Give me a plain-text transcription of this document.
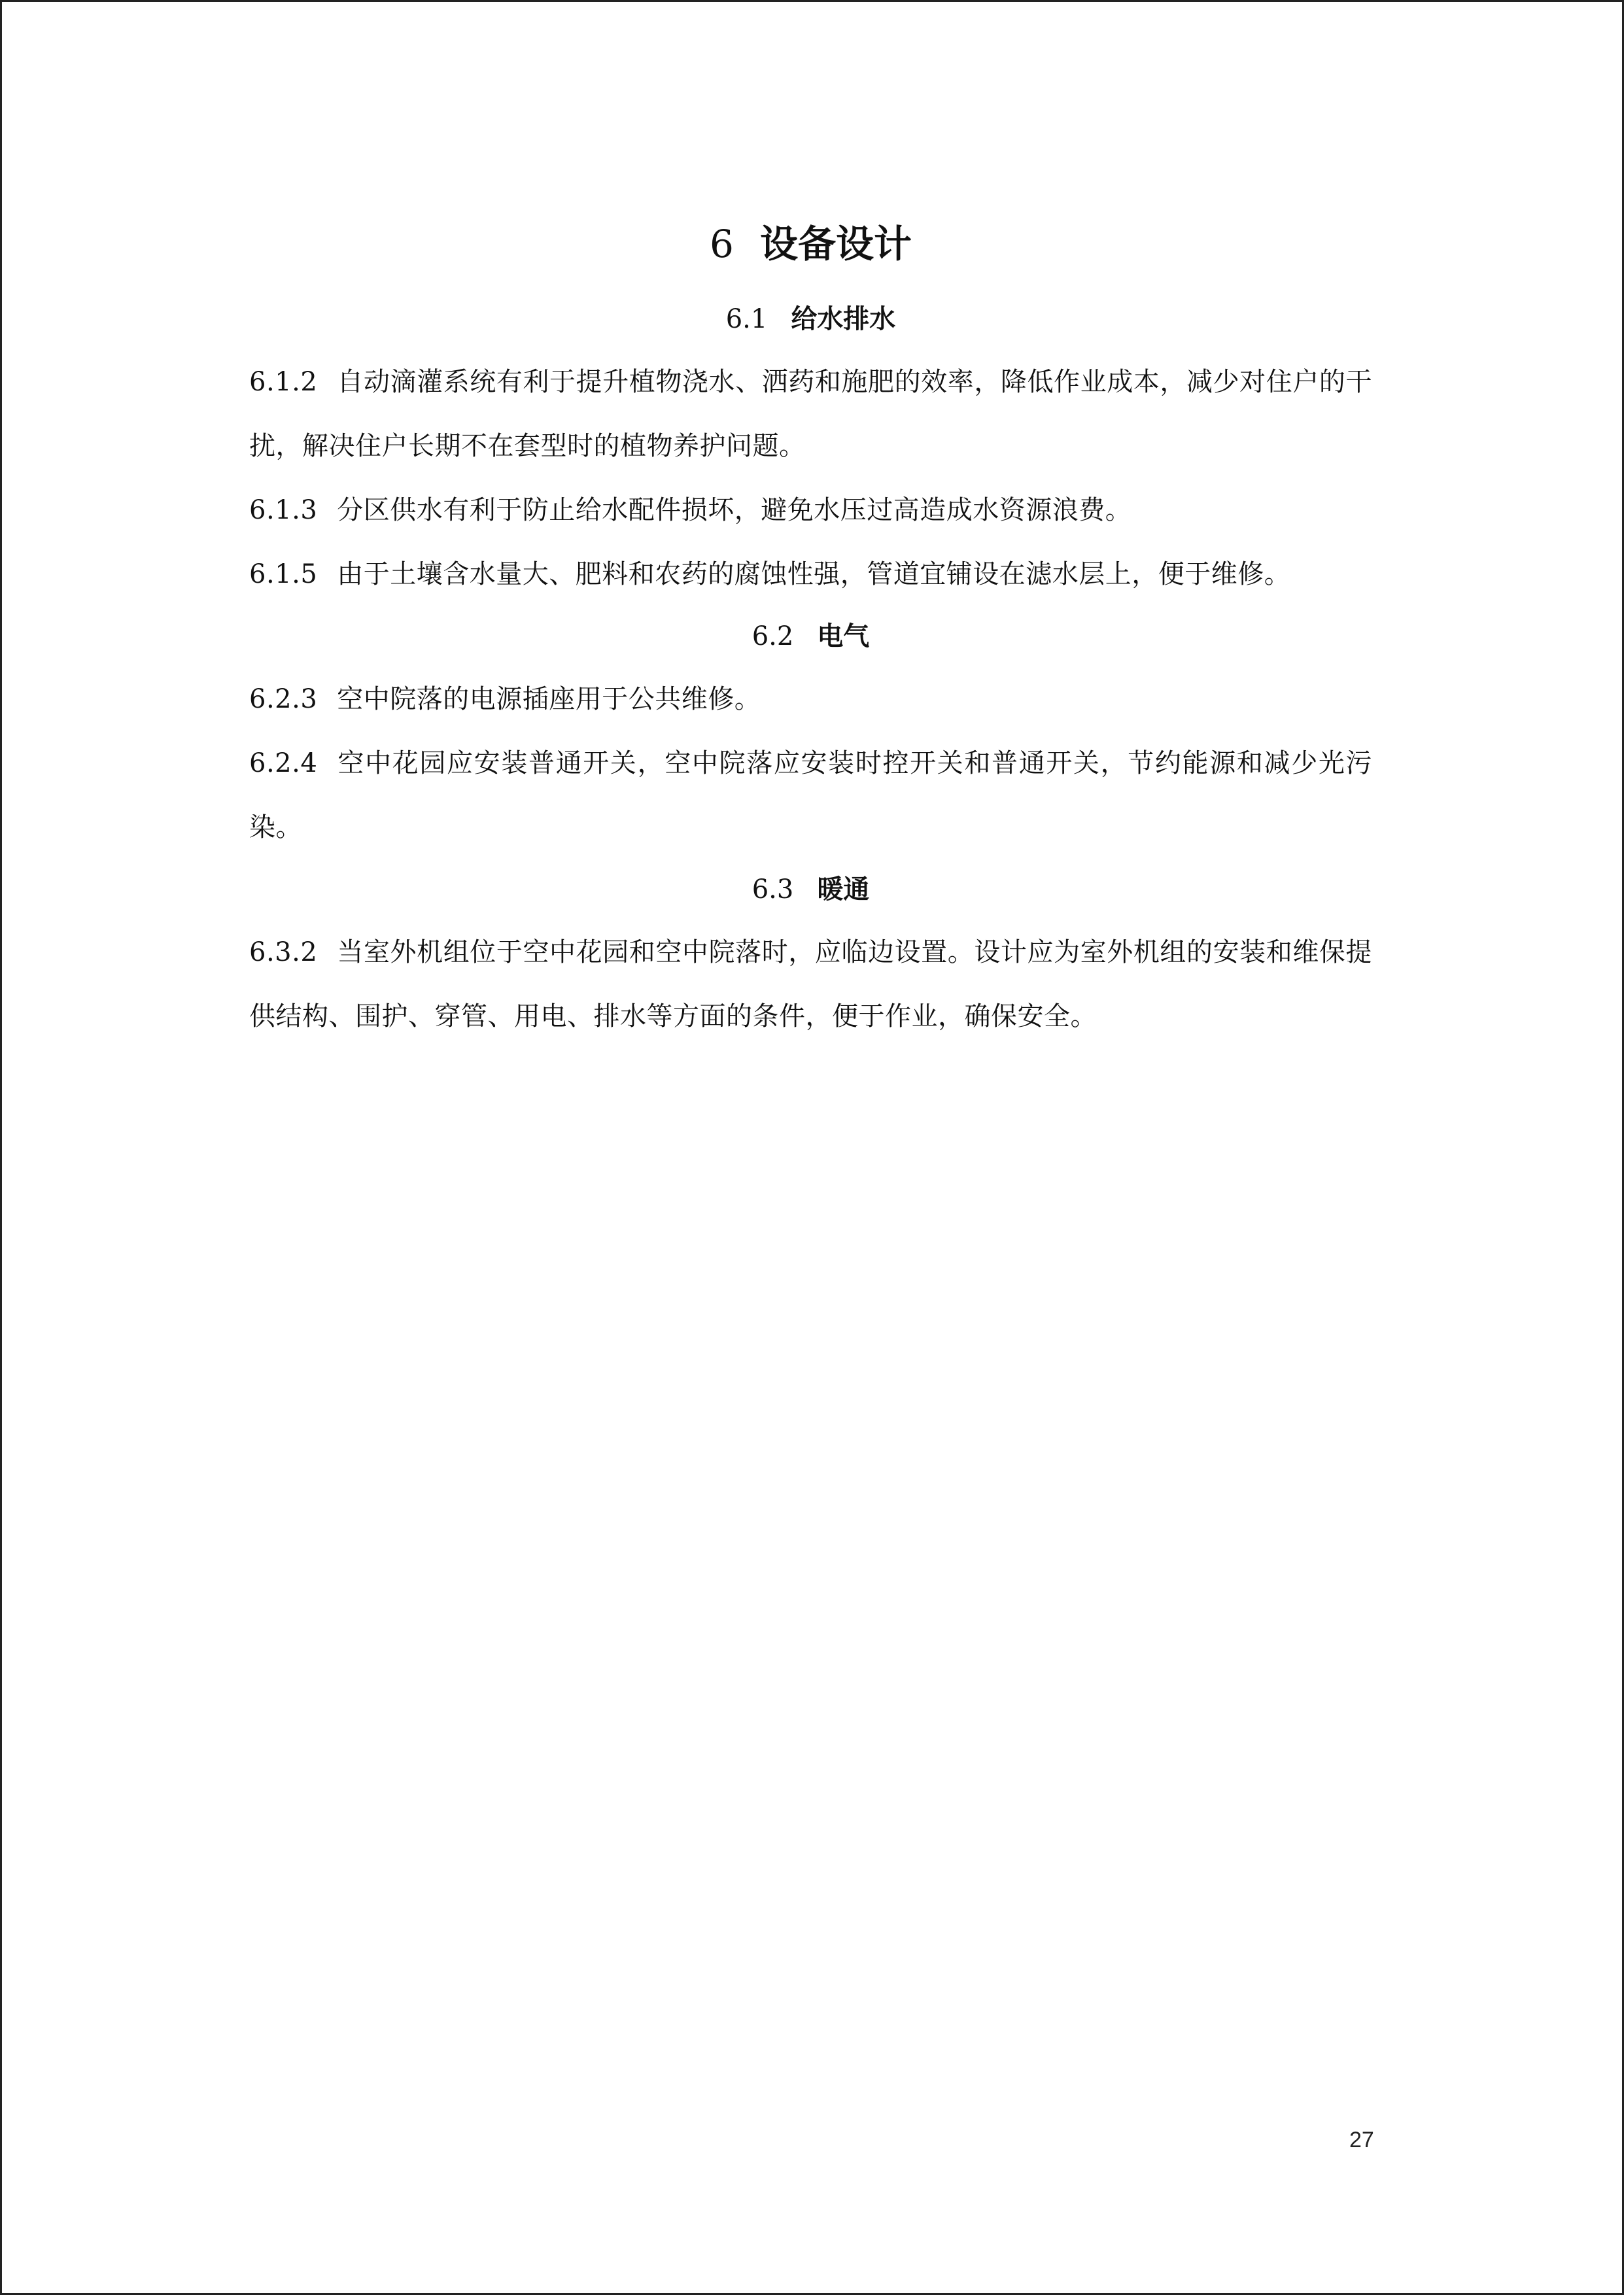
6 设备设计
6.1 给水排水

6.1.2 自动滴灌系统有利于提升植物浇水、洒药和施肥的效率，降低作业成本，减少对住户的干扰，解决住户长期不在套型时的植物养护问题。

6.1.3 分区供水有利于防止给水配件损坏，避免水压过高造成水资源浪费。

6.1.5 由于土壤含水量大、肥料和农药的腐蚀性强，管道宜铺设在滤水层上，便于维修。

6.2 电气

6.2.3 空中院落的电源插座用于公共维修。

6.2.4 空中花园应安装普通开关，空中院落应安装时控开关和普通开关，节约能源和减少光污染。

6.3 暖通

6.3.2 当室外机组位于空中花园和空中院落时，应临边设置。设计应为室外机组的安装和维保提供结构、围护、穿管、用电、排水等方面的条件，便于作业，确保安全。

27
